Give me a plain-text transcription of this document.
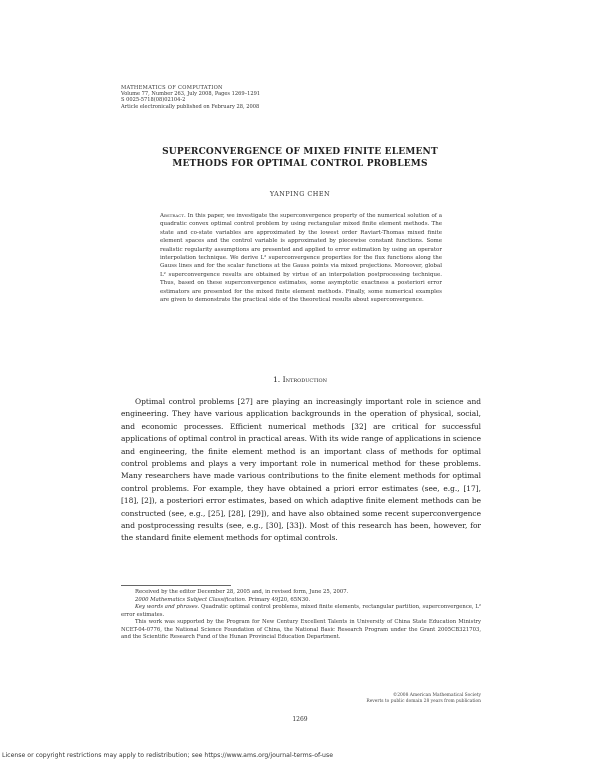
MATHEMATICS OF COMPUTATION
Volume 77, Number 263, July 2008, Pages 1269–1291
S 0025-5718(08)02104-2
Article electronically published on February 28, 2008
SUPERCONVERGENCE OF MIXED FINITE ELEMENT
METHODS FOR OPTIMAL CONTROL PROBLEMS
YANPING CHEN
Abstract. In this paper, we investigate the superconvergence property of the numerical solution of a quadratic convex optimal control problem by using rectangular mixed finite element methods. The state and co-state variables are approximated by the lowest order Raviart-Thomas mixed finite element spaces and the control variable is approximated by piecewise constant functions. Some realistic regularity assumptions are presented and applied to error estimation by using an operator interpolation technique. We derive L² superconvergence properties for the flux functions along the Gauss lines and for the scalar functions at the Gauss points via mixed projections. Moreover, global L² superconvergence results are obtained by virtue of an interpolation postprocessing technique. Thus, based on these superconvergence estimates, some asymptotic exactness a posteriori error estimators are presented for the mixed finite element methods. Finally, some numerical examples are given to demonstrate the practical side of the theoretical results about superconvergence.
1. Introduction
Optimal control problems [27] are playing an increasingly important role in science and engineering. They have various application backgrounds in the operation of physical, social, and economic processes. Efficient numerical methods [32] are critical for successful applications of optimal control in practical areas. With its wide range of applications in science and engineering, the finite element method is an important class of methods for optimal control problems and plays a very important role in numerical method for these problems. Many researchers have made various contributions to the finite element methods for optimal control problems. For example, they have obtained a priori error estimates (see, e.g., [17], [18], [2]), a posteriori error estimates, based on which adaptive finite element methods can be constructed (see, e.g., [25], [28], [29]), and have also obtained some recent superconvergence and postprocessing results (see, e.g., [30], [33]). Most of this research has been, however, for the standard finite element methods for optimal controls.

Received by the editor December 28, 2005 and, in revised form, June 25, 2007.

2000 Mathematics Subject Classification. Primary 49J20, 65N30.

Key words and phrases. Quadratic optimal control problems, mixed finite elements, rectangular partition, superconvergence, L² error estimates.

This work was supported by the Program for New Century Excellent Talents in University of China State Education Ministry NCET-04-0776, the National Science Foundation of China, the National Basic Research Program under the Grant 2005CB321703, and the Scientific Research Fund of the Hunan Provincial Education Department.

©2008 American Mathematical Society
Reverts to public domain 28 years from publication
1269
License or copyright restrictions may apply to redistribution; see https://www.ams.org/journal-terms-of-use
